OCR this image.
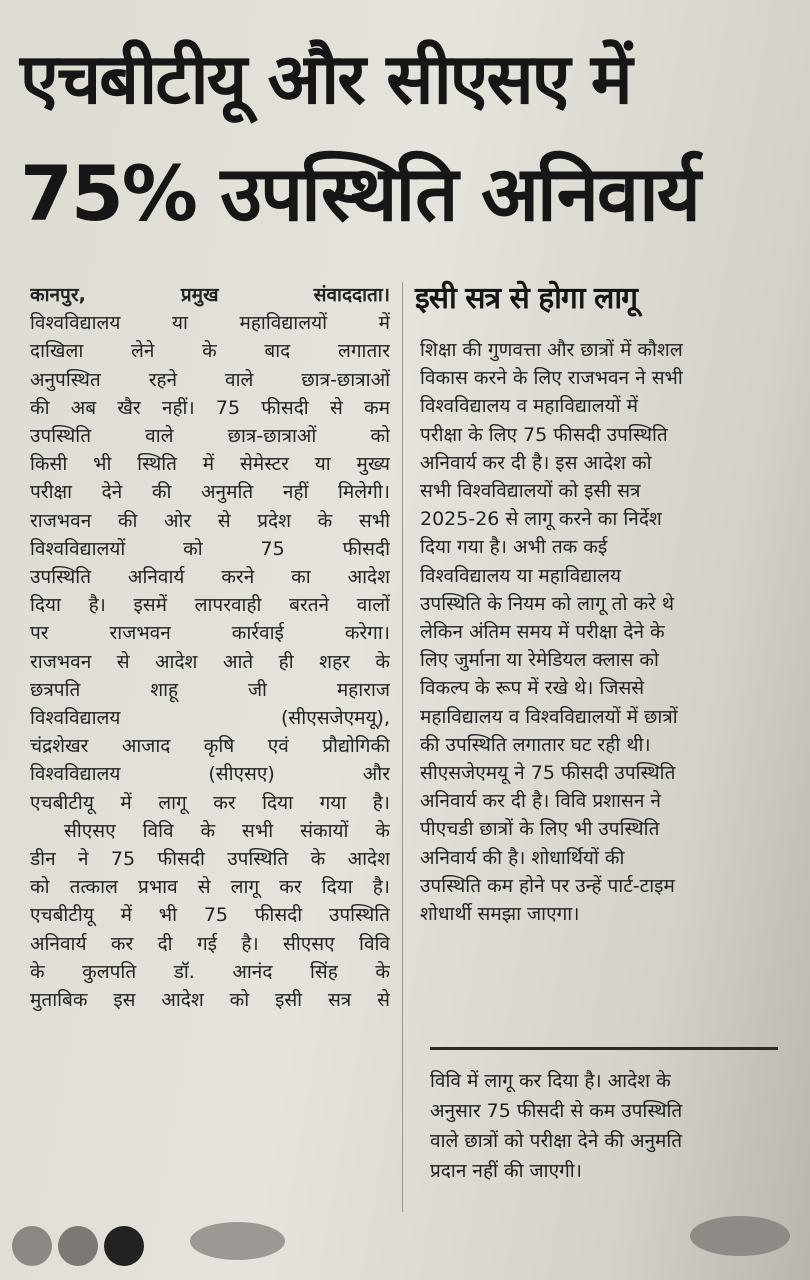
एचबीटीयू और सीएसए में
75% उपस्थिति अनिवार्य
कानपुर, प्रमुख संवाददाता।
विश्वविद्यालय या महाविद्यालयों में
दाखिला लेने के बाद लगातार
अनुपस्थित रहने वाले छात्र-छात्राओं
की अब खैर नहीं। 75 फीसदी से कम
उपस्थिति वाले छात्र-छात्राओं को
किसी भी स्थिति में सेमेस्टर या मुख्य
परीक्षा देने की अनुमति नहीं मिलेगी।
राजभवन की ओर से प्रदेश के सभी
विश्वविद्यालयों को 75 फीसदी
उपस्थिति अनिवार्य करने का आदेश
दिया है। इसमें लापरवाही बरतने वालों
पर राजभवन कार्रवाई करेगा।
राजभवन से आदेश आते ही शहर के
छत्रपति शाहू जी महाराज
विश्वविद्यालय (सीएसजेएमयू),
चंद्रशेखर आजाद कृषि एवं प्रौद्योगिकी
विश्वविद्यालय (सीएसए) और
एचबीटीयू में लागू कर दिया गया है।
सीएसए विवि के सभी संकायों के
डीन ने 75 फीसदी उपस्थिति के आदेश
को तत्काल प्रभाव से लागू कर दिया है।
एचबीटीयू में भी 75 फीसदी उपस्थिति
अनिवार्य कर दी गई है। सीएसए विवि
के कुलपति डॉ. आनंद सिंह के
मुताबिक इस आदेश को इसी सत्र से
इसी सत्र से होगा लागू
शिक्षा की गुणवत्ता और छात्रों में कौशल
विकास करने के लिए राजभवन ने सभी
विश्वविद्यालय व महाविद्यालयों में
परीक्षा के लिए 75 फीसदी उपस्थिति
अनिवार्य कर दी है। इस आदेश को
सभी विश्वविद्यालयों को इसी सत्र
2025-26 से लागू करने का निर्देश
दिया गया है। अभी तक कई
विश्वविद्यालय या महाविद्यालय
उपस्थिति के नियम को लागू तो करे थे
लेकिन अंतिम समय में परीक्षा देने के
लिए जुर्माना या रेमेडियल क्लास को
विकल्प के रूप में रखे थे। जिससे
महाविद्यालय व विश्वविद्यालयों में छात्रों
की उपस्थिति लगातार घट रही थी।
सीएसजेएमयू ने 75 फीसदी उपस्थिति
अनिवार्य कर दी है। विवि प्रशासन ने
पीएचडी छात्रों के लिए भी उपस्थिति
अनिवार्य की है। शोधार्थियों की
उपस्थिति कम होने पर उन्हें पार्ट-टाइम
शोधार्थी समझा जाएगा।
विवि में लागू कर दिया है। आदेश के
अनुसार 75 फीसदी से कम उपस्थिति
वाले छात्रों को परीक्षा देने की अनुमति
प्रदान नहीं की जाएगी।
